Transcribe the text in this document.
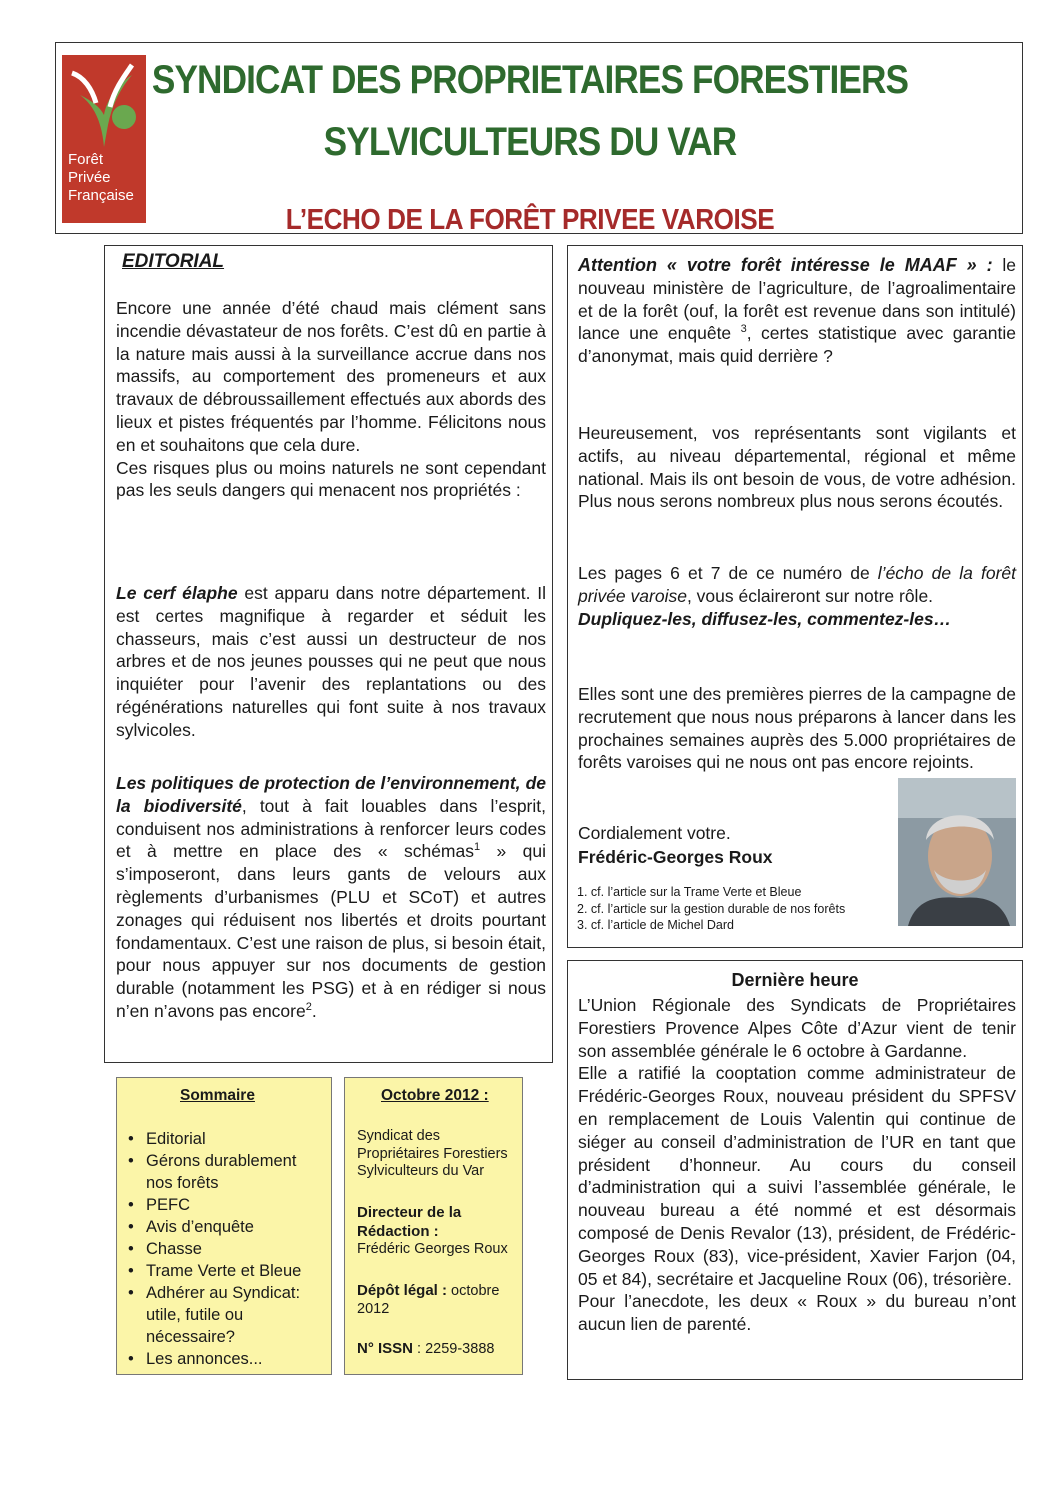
Forêt
Privée
Française
SYNDICAT DES PROPRIETAIRES FORESTIERS
SYLVICULTEURS DU VAR
L’ECHO DE LA FORÊT PRIVEE VAROISE
EDITORIAL
Encore une année d’été chaud mais clément sans incendie dévastateur de nos forêts. C’est dû en partie à la nature mais aussi à la surveillance accrue dans nos massifs, au comportement des promeneurs et aux travaux de débroussaillement effectués aux abords des lieux et pistes fréquentés par l’homme. Félicitons nous en et souhaitons que cela dure.
Ces risques plus ou moins naturels ne sont cependant pas les seuls dangers qui menacent nos propriétés :
Le cerf élaphe est apparu dans notre département. Il est certes magnifique à regarder et séduit les chasseurs, mais c’est aussi un destructeur de nos arbres et de nos jeunes pousses qui ne peut que nous inquiéter pour l’avenir des replantations ou des régénérations naturelles qui font suite à nos travaux sylvicoles.
Les politiques de protection de l’environnement, de la biodiversité, tout à fait louables dans l’esprit, conduisent nos administrations à renforcer leurs codes et à mettre en place des « schémas$^1$ » qui s’imposeront, dans leurs gants de velours aux règlements d’urbanismes (PLU et SCoT) et autres zonages qui réduisent nos libertés et droits pourtant fondamentaux. C’est une raison de plus, si besoin était, pour nous appuyer sur nos documents de gestion durable (notamment les PSG) et à en rédiger si nous n’en n’avons pas encore$^2$.
Attention « votre forêt intéresse le MAAF » : le nouveau ministère de l’agriculture, de l’agroalimentaire et de la forêt (ouf, la forêt est revenue dans son intitulé) lance une enquête $^3$, certes statistique avec garantie d’anonymat, mais quid derrière ?
Heureusement, vos représentants sont vigilants et actifs, au niveau départemental, régional et même national. Mais ils ont besoin de vous, de votre adhésion. Plus nous serons nombreux plus nous serons écoutés.
Les pages 6 et 7 de ce numéro de l’écho de la forêt privée varoise, vous éclaireront sur notre rôle.
Dupliquez-les, diffusez-les, commentez-les…
Elles sont une des premières pierres de la campagne de recrutement que nous nous préparons à lancer dans les prochaines semaines auprès des 5.000 propriétaires de forêts varoises qui ne nous ont pas encore rejoints.
Cordialement votre.
Frédéric-Georges Roux
1. cf. l’article sur la Trame Verte et Bleue
2. cf. l’article sur la gestion durable de nos forêts
3. cf. l’article de Michel Dard
Dernière heure
L’Union Régionale des Syndicats de Propriétaires Forestiers Provence Alpes Côte d’Azur vient de tenir son assemblée générale le 6 octobre à Gardanne.
Elle a ratifié la cooptation comme administrateur de Frédéric-Georges Roux, nouveau président du SPFSV en remplacement de Louis Valentin qui continue de siéger au conseil d’administration de l’UR en tant que président d’honneur. Au cours du conseil d’administration qui a suivi l’assemblée générale, le nouveau bureau a été nommé et est désormais composé de Denis Revalor (13), président, de Frédéric-Georges Roux (83), vice-président, Xavier Farjon (04, 05 et 84), secrétaire et Jacqueline Roux (06), trésorière.
Pour l’anecdote, les deux « Roux » du bureau n’ont aucun lien de parenté.
Sommaire
• Editorial
• Gérons durablement nos forêts
• PEFC
• Avis d’enquête
• Chasse
• Trame Verte et Bleue
• Adhérer au Syndicat: utile, futile ou nécessaire?
• Les annonces...
Octobre 2012 :
Syndicat des Propriétaires Forestiers Sylviculteurs du Var
Directeur de la Rédaction :
Frédéric Georges Roux
Dépôt légal : octobre 2012
N° ISSN : 2259-3888
